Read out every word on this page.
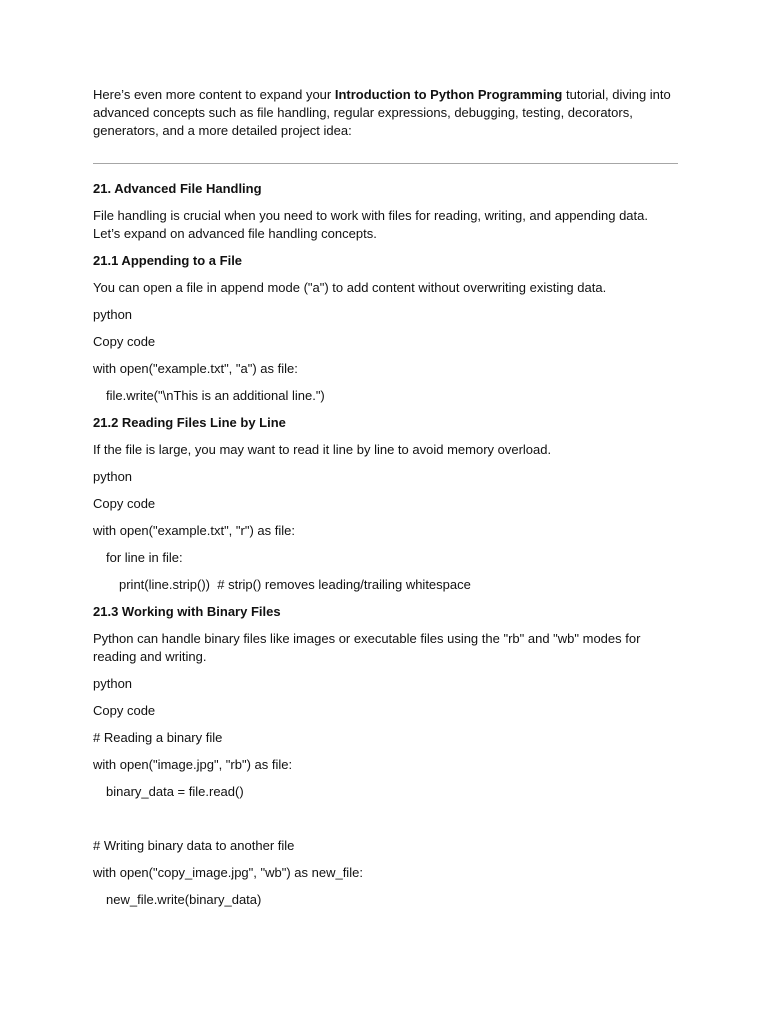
Here’s even more content to expand your Introduction to Python Programming tutorial, diving into advanced concepts such as file handling, regular expressions, debugging, testing, decorators, generators, and a more detailed project idea:

21. Advanced File Handling
File handling is crucial when you need to work with files for reading, writing, and appending data. Let’s expand on advanced file handling concepts.
21.1 Appending to a File
You can open a file in append mode ("a") to add content without overwriting existing data.
python
Copy code
with open("example.txt", "a") as file:
file.write("\nThis is an additional line.")
21.2 Reading Files Line by Line
If the file is large, you may want to read it line by line to avoid memory overload.
python
Copy code
with open("example.txt", "r") as file:
for line in file:
print(line.strip())  # strip() removes leading/trailing whitespace
21.3 Working with Binary Files
Python can handle binary files like images or executable files using the "rb" and "wb" modes for reading and writing.
python
Copy code
# Reading a binary file
with open("image.jpg", "rb") as file:
binary_data = file.read()
# Writing binary data to another file
with open("copy_image.jpg", "wb") as new_file:
new_file.write(binary_data)
